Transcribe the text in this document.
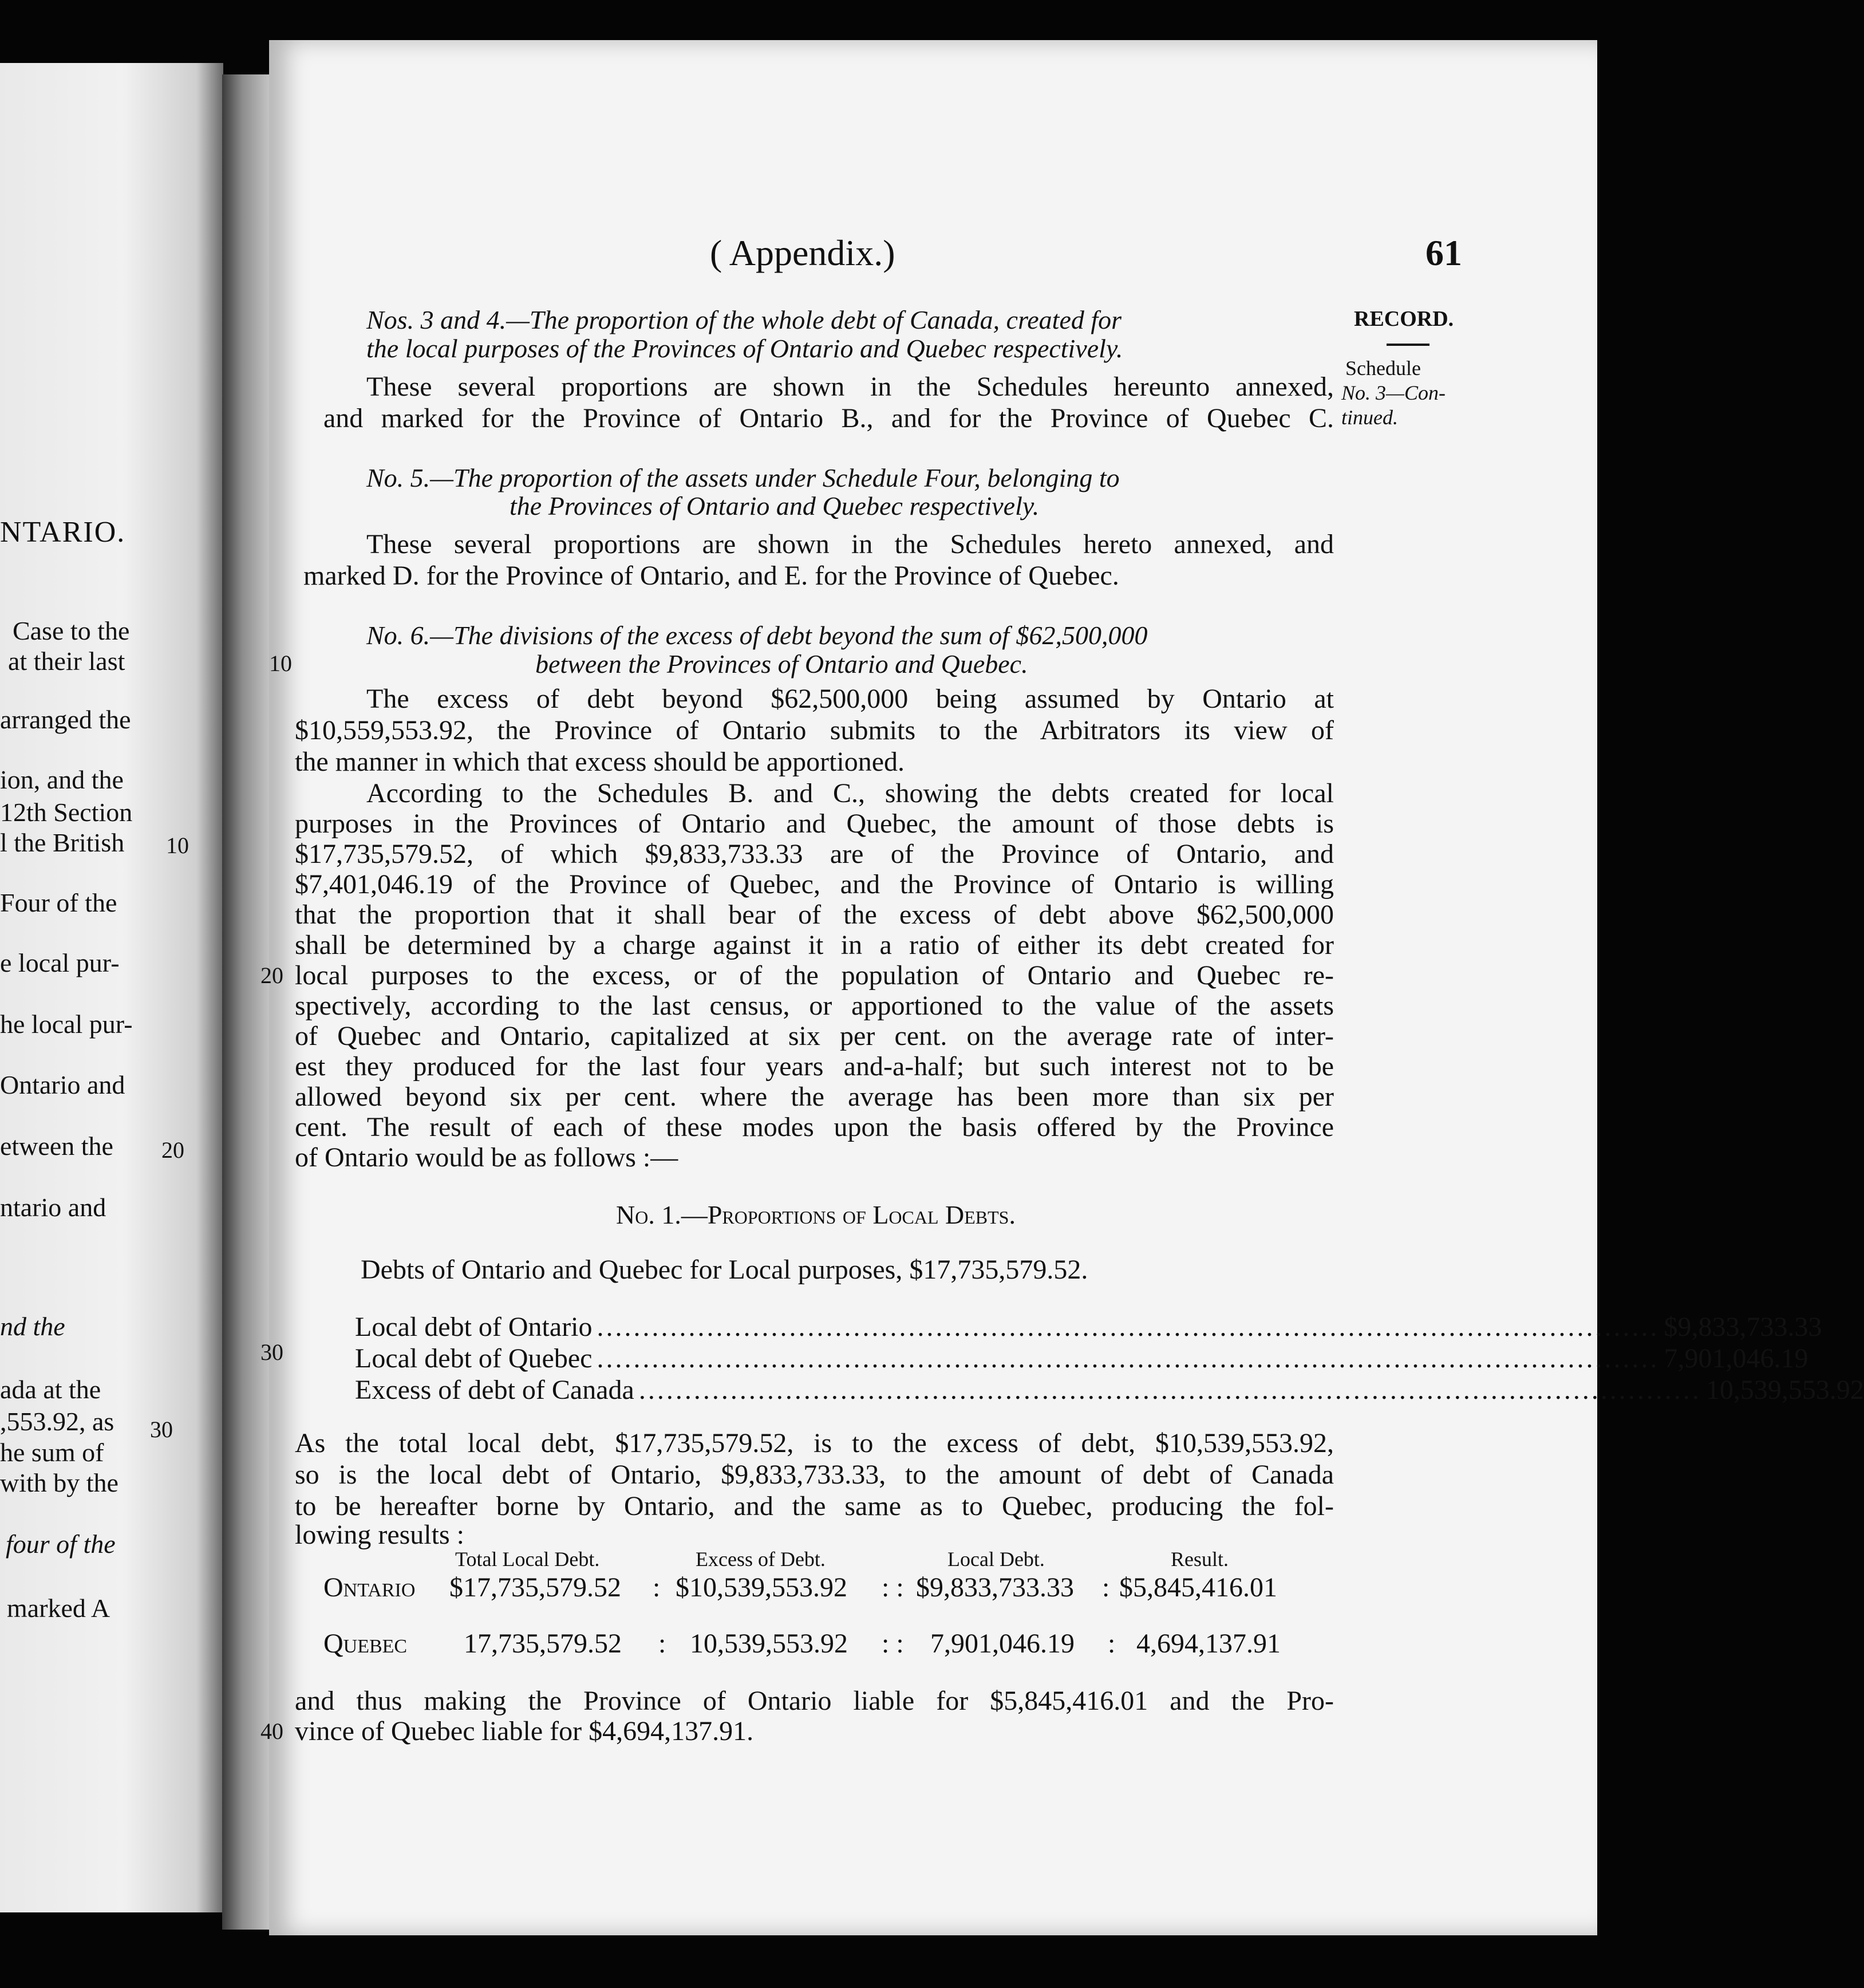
NTARIO.
Case to the
at their last
arranged the
ion, and the
12th Section
l the British	10
Four of the
e local pur-
he local pur-
Ontario and
etween the	20
ntario and
nd the
ada at the
,553.92, as	30
he sum of
with by the
four of the
marked A
( Appendix.)	61
RECORD.
Schedule
No. 3—Con-
tinued.
Nos. 3 and 4.—The proportion of the whole debt of Canada, created for
the local purposes of the Provinces of Ontario and Quebec respectively.
These several proportions are shown in the Schedules hereunto annexed,
and marked for the Province of Ontario B., and for the Province of Quebec C.
No. 5.—The proportion of the assets under Schedule Four, belonging to
the Provinces of Ontario and Quebec respectively.
These several proportions are shown in the Schedules hereto annexed, and
marked D. for the Province of Ontario, and E. for the Province of Quebec.
No. 6.—The divisions of the excess of debt beyond the sum of $62,500,000
between the Provinces of Ontario and Quebec.
10
The excess of debt beyond $62,500,000 being assumed by Ontario at
$10,559,553.92, the Province of Ontario submits to the Arbitrators its view of
the manner in which that excess should be apportioned.
According to the Schedules B. and C., showing the debts created for local
purposes in the Provinces of Ontario and Quebec, the amount of those debts is
$17,735,579.52, of which $9,833,733.33 are of the Province of Ontario, and
$7,401,046.19 of the Province of Quebec, and the Province of Ontario is willing
that the proportion that it shall bear of the excess of debt above $62,500,000
shall be determined by a charge against it in a ratio of either its debt created for
20 local purposes to the excess, or of the population of Ontario and Quebec re-
spectively, according to the last census, or apportioned to the value of the assets
of Quebec and Ontario, capitalized at six per cent. on the average rate of inter-
est they produced for the last four years and-a-half; but such interest not to be
allowed beyond six per cent. where the average has been more than six per
cent. The result of each of these modes upon the basis offered by the Province
of Ontario would be as follows :—
No. 1.—Proportions of Local Debts.
Debts of Ontario and Quebec for Local purposes, $17,735,579.52.
30
Local debt of Ontario .................................................................................................................... $9,833,733.33
Local debt of Quebec .................................................................................................................... 7,901,046.19
Excess of debt of Canada .................................................................................................................... 10,539,553.92
As the total local debt, $17,735,579.52, is to the excess of debt, $10,539,553.92,
so is the local debt of Ontario, $9,833,733.33, to the amount of debt of Canada
to be hereafter borne by Ontario, and the same as to Quebec, producing the fol-
lowing results :
Total Local Debt.	Excess of Debt.	Local Debt.	Result.
Ontario $17,735,579.52 : $10,539,553.92 : : $9,833,733.33 : $5,845,416.01
Quebec 17,735,579.52 : 10,539,553.92 : : 7,901,046.19 : 4,694,137.91
and thus making the Province of Ontario liable for $5,845,416.01 and the Pro-
40 vince of Quebec liable for $4,694,137.91.
